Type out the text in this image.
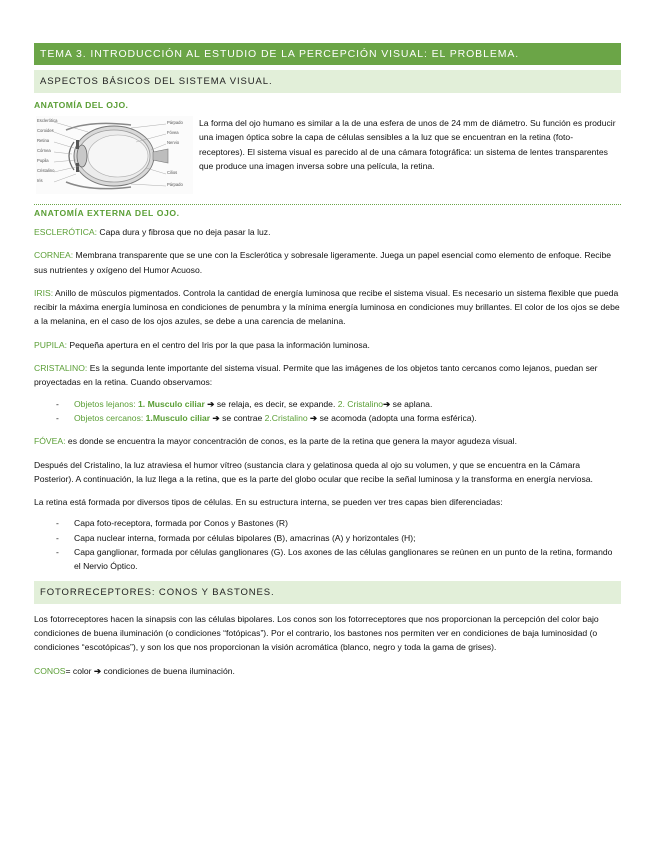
TEMA 3. INTRODUCCIÓN AL ESTUDIO DE LA PERCEPCIÓN VISUAL: EL PROBLEMA.
ASPECTOS BÁSICOS DEL SISTEMA VISUAL.
ANATOMÍA DEL OJO.
Esclerótica
Coroides
Retina
Córnea
Pupila
Cristalino
Iris
Párpado
Fóvea
Nervio
Cilios
Párpado
La forma del ojo humano es similar a la de una esfera de unos de 24 mm de diámetro. Su función es producir una imagen óptica sobre la capa de células sensibles a la luz que se encuentran en la retina (foto-receptores). El sistema visual es parecido al de una cámara fotográfica: un sistema de lentes transparentes que produce una imagen inversa sobre una película, la retina.
ANATOMÍA EXTERNA DEL OJO.

ESCLERÓTICA: Capa dura y fibrosa que no deja pasar la luz.

CORNEA: Membrana transparente que se une con la Esclerótica y sobresale ligeramente. Juega un papel esencial como elemento de enfoque. Recibe sus nutrientes y oxígeno del Humor Acuoso.

IRIS: Anillo de músculos pigmentados. Controla la cantidad de energía luminosa que recibe el sistema visual. Es necesario un sistema flexible que pueda recibir la máxima energía luminosa en condiciones de penumbra y la mínima energía luminosa en condiciones muy brillantes. El color de los ojos se debe a la melanina, en el caso de los ojos azules, se debe a una carencia de melanina.

PUPILA: Pequeña apertura en el centro del Iris por la que pasa la información luminosa.

CRISTALINO: Es la segunda lente importante del sistema visual. Permite que las imágenes de los objetos tanto cercanos como lejanos, puedan ser proyectadas en la retina. Cuando observamos:

- Objetos lejanos: 1. Musculo ciliar ➔ se relaja, es decir, se expande. 2. Cristalino➔ se aplana.
- Objetos cercanos: 1.Musculo ciliar ➔ se contrae 2.Cristalino ➔ se acomoda (adopta una forma esférica).

FÓVEA: es donde se encuentra la mayor concentración de conos, es la parte de la retina que genera la mayor agudeza visual.

Después del Cristalino, la luz atraviesa el humor vítreo (sustancia clara y gelatinosa queda al ojo su volumen, y que se encuentra en la Cámara Posterior). A continuación, la luz llega a la retina, que es la parte del globo ocular que recibe la señal luminosa y la transforma en energía nerviosa.

La retina está formada por diversos tipos de células. En su estructura interna, se pueden ver tres capas bien diferenciadas:

- Capa foto-receptora, formada por Conos y Bastones (R)
- Capa nuclear interna, formada por células bipolares (B), amacrinas (A) y horizontales (H);
- Capa ganglionar, formada por células ganglionares (G). Los axones de las células ganglionares se reúnen en un punto de la retina, formando el Nervio Óptico.
FOTORRECEPTORES: CONOS Y BASTONES.

Los fotorreceptores hacen la sinapsis con las células bipolares. Los conos son los fotorreceptores que nos proporcionan la percepción del color bajo condiciones de buena iluminación (o condiciones “fotópicas”). Por el contrario, los bastones nos permiten ver en condiciones de baja luminosidad (o condiciones “escotópicas”), y son los que nos proporcionan la visión acromática (blanco, negro y toda la gama de grises).

CONOS= color ➔ condiciones de buena iluminación.
